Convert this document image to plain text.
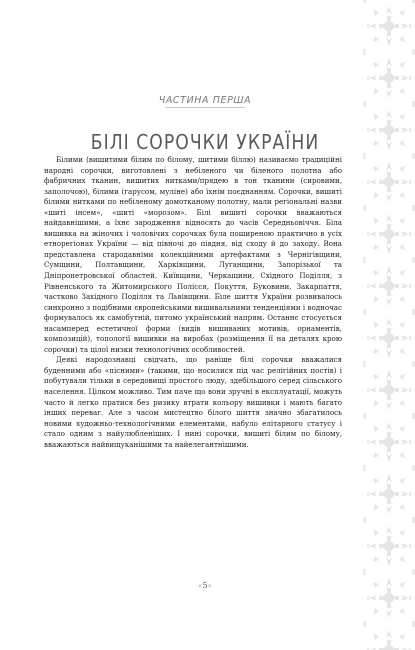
ЧАСТИНА ПЕРША
БІЛІ СОРОЧКИ УКРАЇНИ

Білими (вишитими білим по білому, шитими біллю) називаємо традиційні народні сорочки, виготовлені з небіленого чи біленого полотна або фабричних тканин, вишитих нитками/прядею в тон тканини (сировими, заполочою), білими (гарусом, муліне) або їхнім поєднанням. Сорочки, вишиті білими нитками по небіленому домотканому полотну, мали регіональні назви «шиті інсем», «шиті «морозом». Білі вишиті сорочки вважаються найдавнішими, а їхнє зародження відносять до часів Середньовіччя. Біла вишивка на жіночих і чоловічих сорочках була поширеною практично в усіх етнорегіонах України — від півночі до півдня, від сходу й до заходу. Вона представлена стародавніми колекційними артефактами з Чернігівщини, Сумщини, Полтавщини, Харківщини, Луганщини, Запорізької та Дніпропетровської областей, Київщини, Черкащини, Східного Поділля, з Рівненського та Житомирського Полісся, Покуття, Буковини, Закарпаття, частково Західного Поділля та Львівщини. Біле шиття України розвивалось синхронно з подібними європейськими вишивальними тенденціями і водночас формувалось як самобутній, питомо український напрям. Останнє стосується насамперед естетичної форми (видів вишиваних мотивів, орнаментів, композицій), топології вишивки на виробах (розміщення її на деталях крою сорочки) та цілої низки технологічних особливостей.

Деякі народознавці свідчать, що раніше білі сорочки вважалися буденними або «пісними» (такими, що носилися під час релігійних постів) і побутували тільки в середовищі простого люду, здебільшого серед сільського населення. Цілком можливо. Тим паче що вони зручні в експлуатації, можуть часто й легко пратися без ризику втрати кольору вишивки і мають багато інших переваг. Але з часом мистецтво білого шиття значно збагатилось новими художньо-технологічними елементами, набуло елітарного статусу і стало одним з найулюбленіших. І нині сорочки, вишиті білим по білому, вважаються найвищуканішими та найелегантнішими.

«5»
